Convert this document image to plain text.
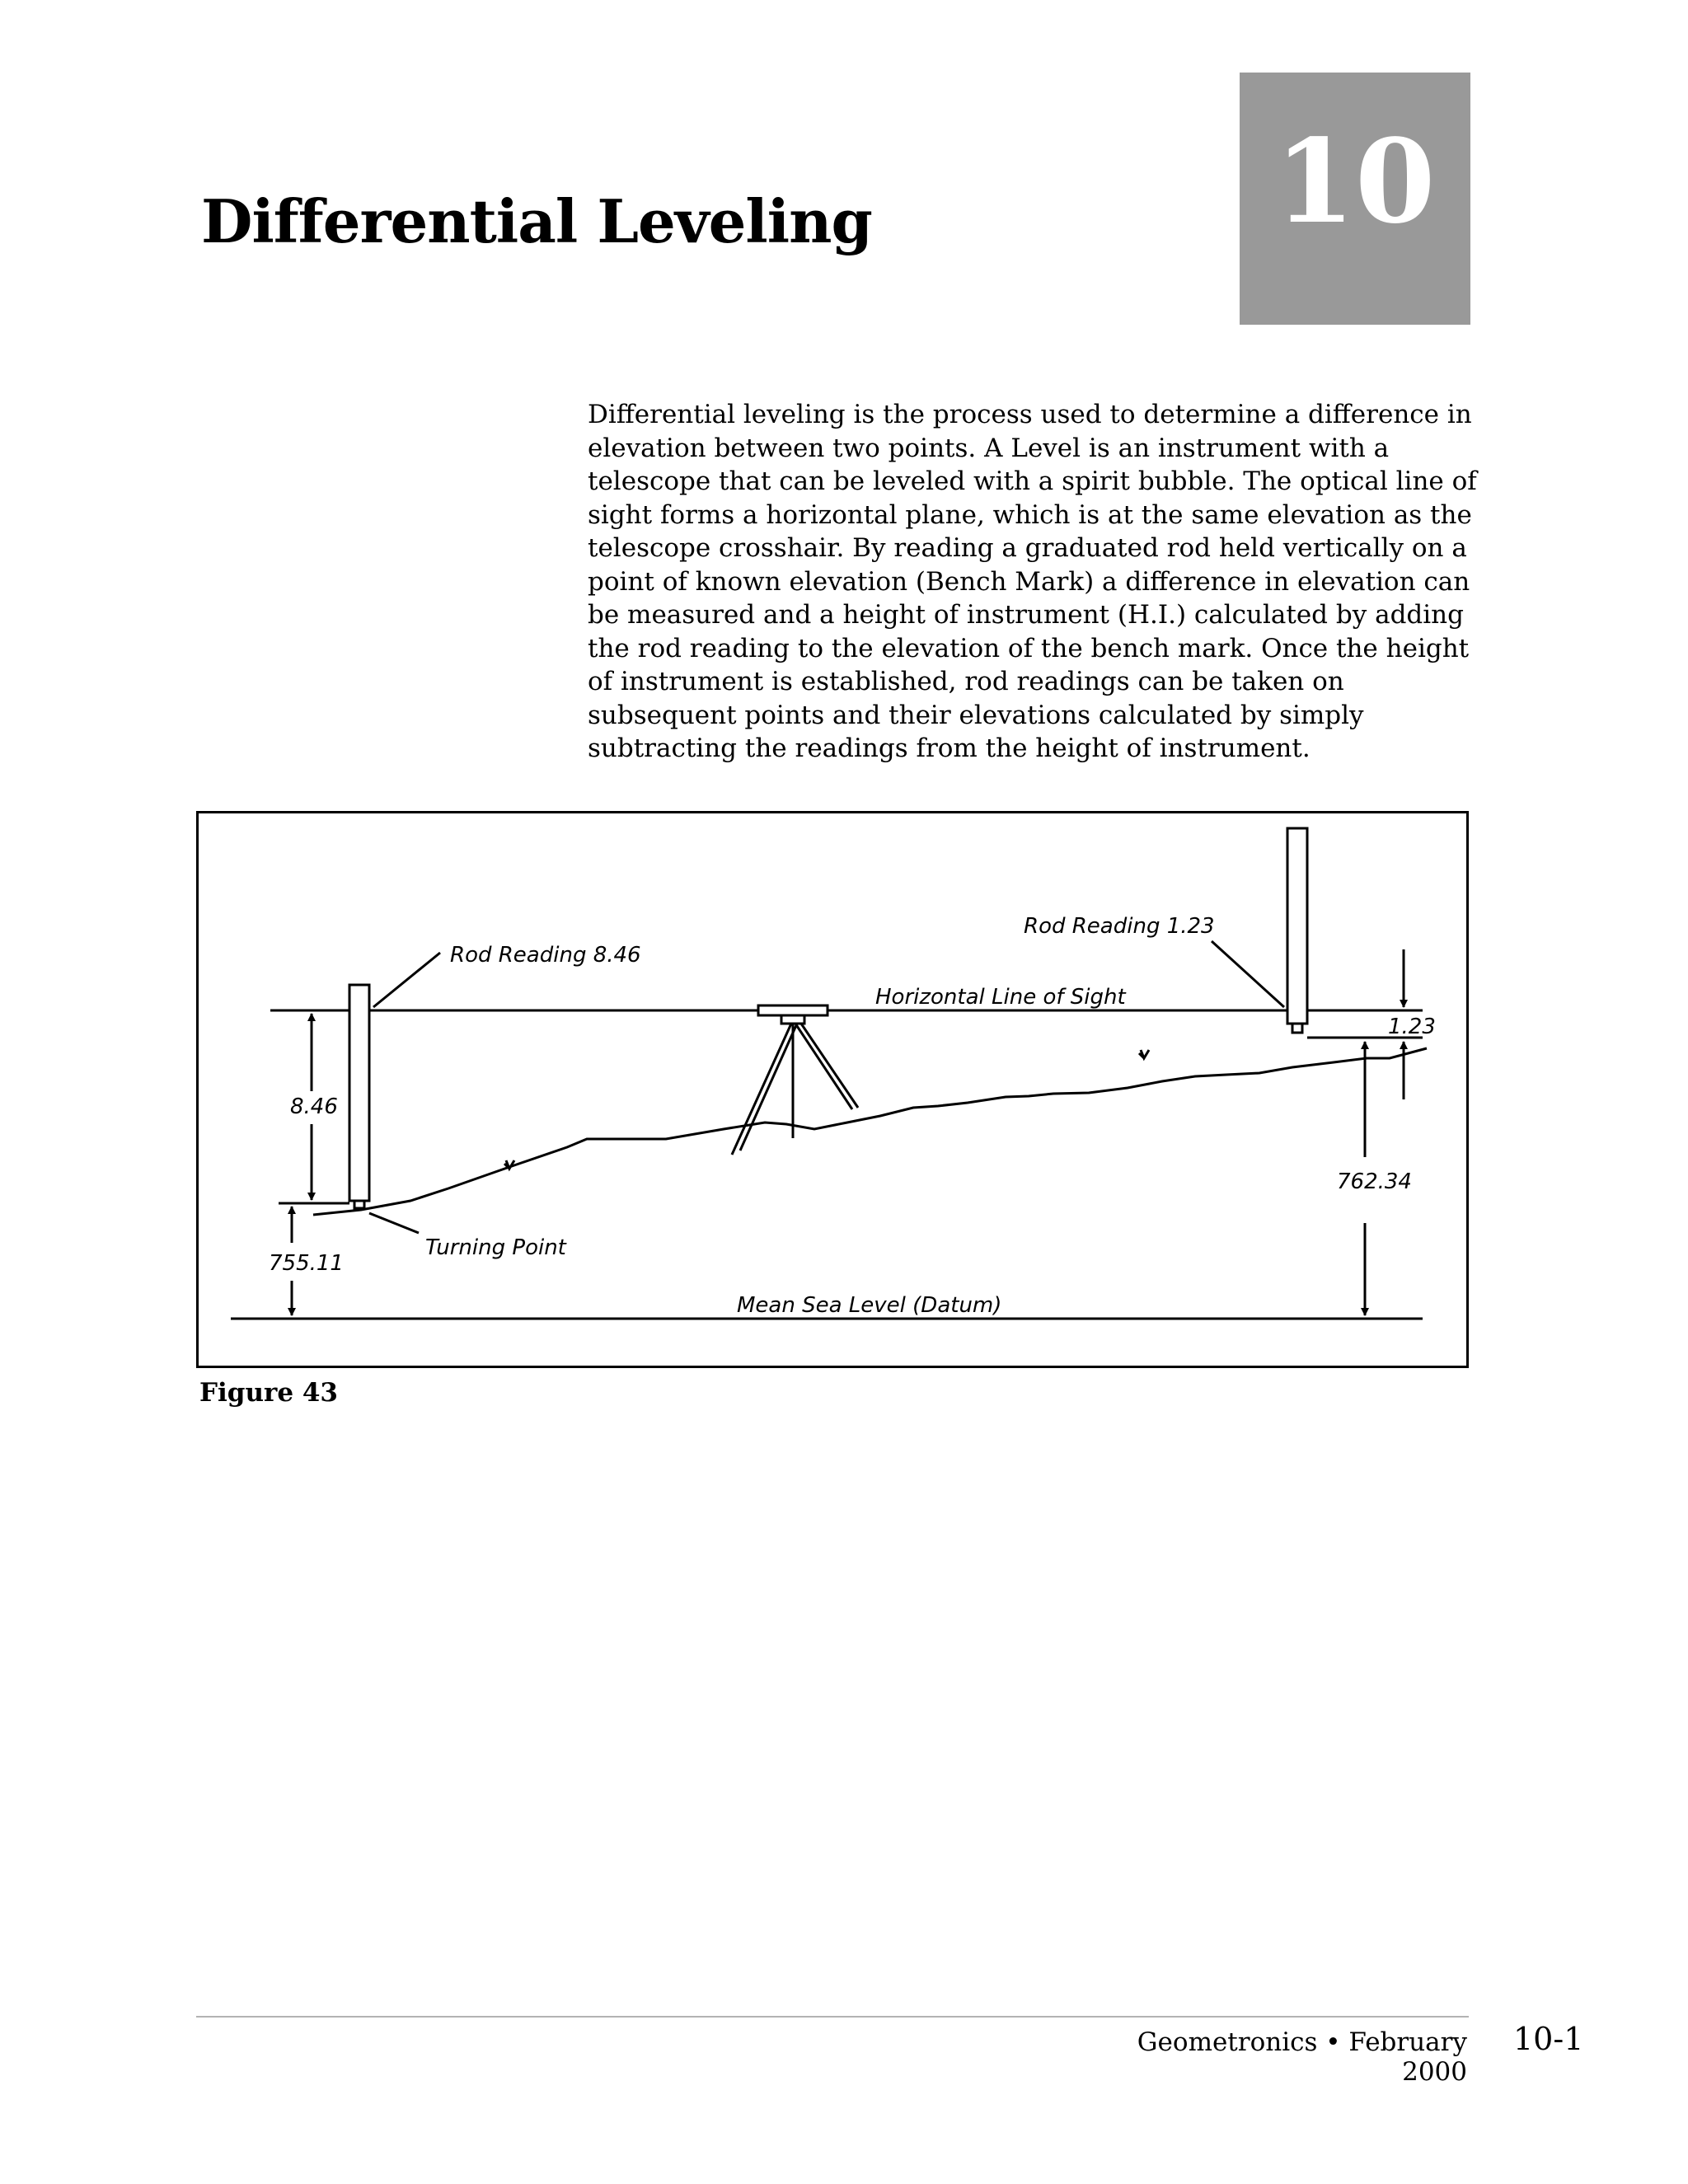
10
Differential Leveling

Differential leveling is the process used to determine a difference in elevation between two points. A Level is an instrument with a telescope that can be leveled with a spirit bubble. The optical line of sight forms a horizontal plane, which is at the same elevation as the telescope crosshair. By reading a graduated rod held vertically on a point of known elevation (Bench Mark) a difference in elevation can be measured and a height of instrument (H.I.) calculated by adding the rod reading to the elevation of the bench mark. Once the height of instrument is established, rod readings can be taken on subsequent points and their elevations calculated by simply subtracting the readings from the height of instrument.

Rod Reading 8.46
Rod Reading 1.23
Horizontal Line of Sight
8.46
1.23
762.34
755.11
Turning Point
Mean Sea Level (Datum)

Figure 43

Geometronics • February 2000
10-1
